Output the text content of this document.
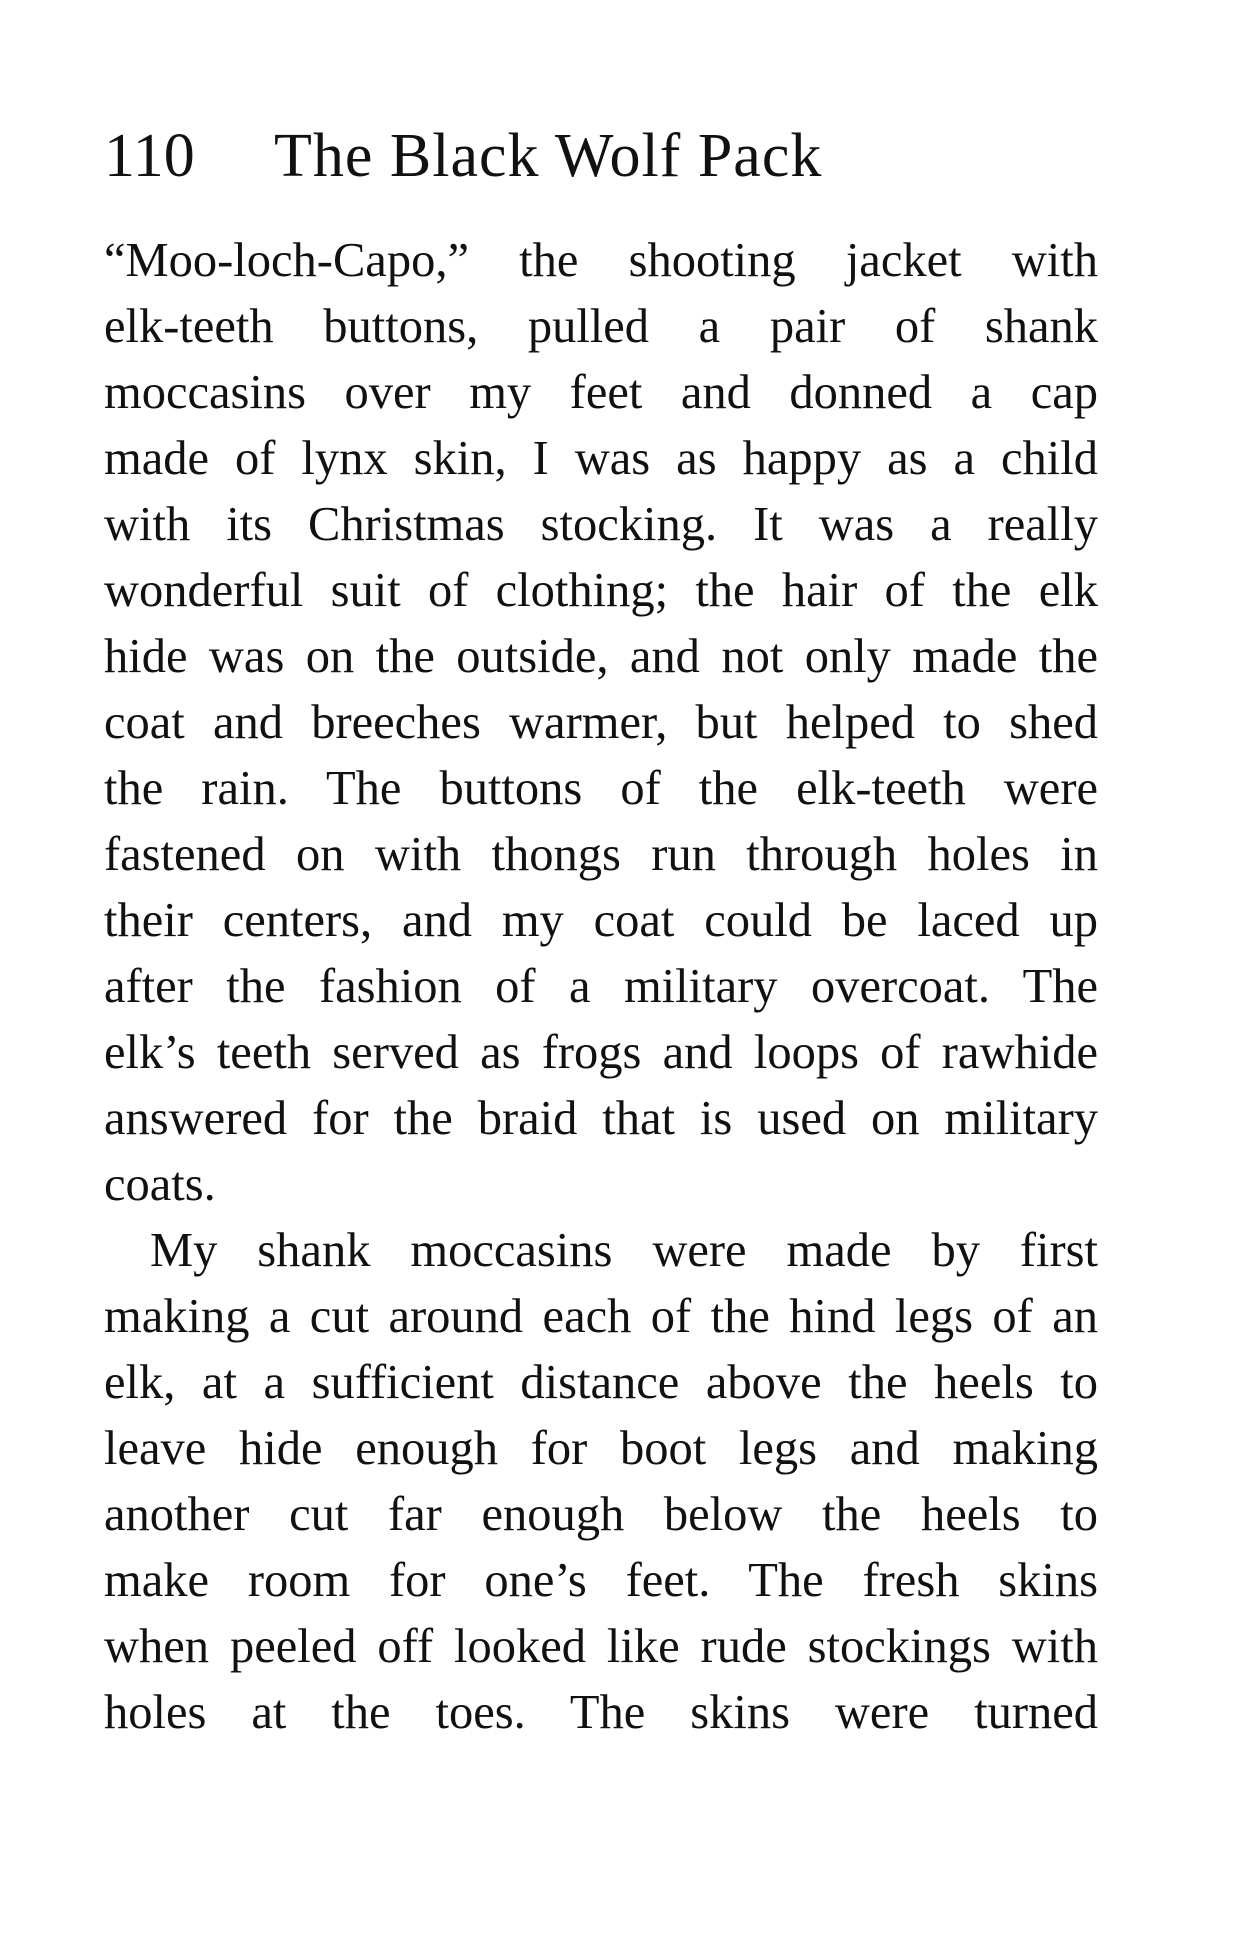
110 The Black Wolf Pack
“Moo-loch-Capo,” the shooting jacket with
elk-teeth buttons, pulled a pair of shank
moccasins over my feet and donned a cap
made of lynx skin, I was as happy as a child
with its Christmas stocking. It was a really
wonderful suit of clothing; the hair of the elk
hide was on the outside, and not only made the
coat and breeches warmer, but helped to shed
the rain. The buttons of the elk-teeth were
fastened on with thongs run through holes in
their centers, and my coat could be laced up
after the fashion of a military overcoat. The
elk’s teeth served as frogs and loops of rawhide
answered for the braid that is used on military
coats.
My shank moccasins were made by first
making a cut around each of the hind legs of an
elk, at a sufficient distance above the heels to
leave hide enough for boot legs and making
another cut far enough below the heels to
make room for one’s feet. The fresh skins
when peeled off looked like rude stockings with
holes at the toes. The skins were turned
